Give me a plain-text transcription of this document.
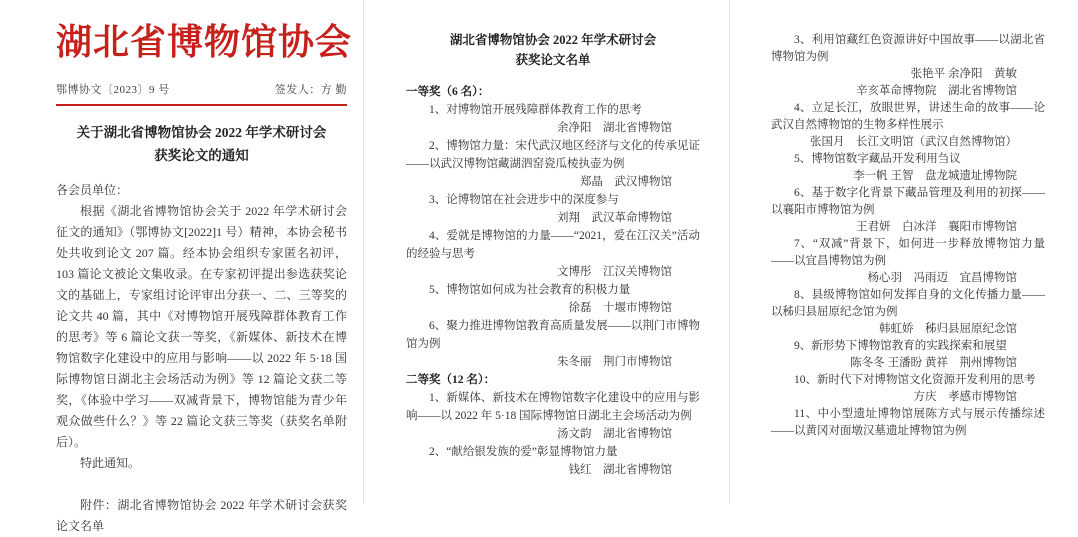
湖北省博物馆协会
鄂博协文〔2023〕9 号	签发人：方 勤
关于湖北省博物馆协会 2022 年学术研讨会
获奖论文的通知

各会员单位：

根据《湖北省博物馆协会关于 2022 年学术研讨会征文的通知》（鄂博协文[2022]1 号）精神，本协会秘书处共收到论文 207 篇。经本协会组织专家匿名初评，103 篇论文被论文集收录。在专家初评提出参选获奖论文的基础上，专家组讨论评审出分获一、二、三等奖的论文共 40 篇，其中《对博物馆开展残障群体教育工作的思考》等 6 篇论文获一等奖，《新媒体、新技术在博物馆数字化建设中的应用与影响——以 2022 年 5·18 国际博物馆日湖北主会场活动为例》等 12 篇论文获二等奖，《体验中学习——双减背景下，博物馆能为青少年观众做些什么？》等 22 篇论文获三等奖（获奖名单附后）。

特此通知。

附件：湖北省博物馆协会 2022 年学术研讨会获奖论文名单

湖北省博物馆协会 2022 年学术研讨会
获奖论文名单
一等奖（6 名）：
1、对博物馆开展残障群体教育工作的思考
余净阳　湖北省博物馆
2、博物馆力量：宋代武汉地区经济与文化的传承见证——以武汉博物馆藏湖泗窑瓷瓜棱执壶为例
郑晶　武汉博物馆
3、论博物馆在社会进步中的深度参与
刘翔　武汉革命博物馆
4、爱就是博物馆的力量——“2021，爱在江汉关”活动的经验与思考
文博彤　江汉关博物馆
5、博物馆如何成为社会教育的积极力量
徐磊　十堰市博物馆
6、聚力推进博物馆教育高质量发展——以荆门市博物馆为例
朱冬丽　荆门市博物馆
二等奖（12 名）：
1、新媒体、新技术在博物馆数字化建设中的应用与影响——以 2022 年 5·18 国际博物馆日湖北主会场活动为例
汤文韵　湖北省博物馆
2、“献给银发族的爱”彰显博物馆力量
钱红　湖北省博物馆
3、利用馆藏红色资源讲好中国故事——以湖北省博物馆为例
张艳平 余净阳　黄敏
辛亥革命博物院　湖北省博物馆
4、立足长江，放眼世界，讲述生命的故事——论武汉自然博物馆的生物多样性展示
张国月　长江文明馆（武汉自然博物馆）
5、博物馆数字藏品开发利用刍议
李一帆 王智　盘龙城遗址博物院
6、基于数字化背景下藏品管理及利用的初探——以襄阳市博物馆为例
王君妍　白冰洋　襄阳市博物馆
7、“双减”背景下，如何进一步释放博物馆力量——以宜昌博物馆为例
杨心羽　冯雨迈　宜昌博物馆
8、县级博物馆如何发挥自身的文化传播力量——以秭归县屈原纪念馆为例
韩虹娇　秭归县屈原纪念馆
9、新形势下博物馆教育的实践探索和展望
陈冬冬 王潘盼 黄祥　荆州博物馆
10、新时代下对博物馆文化资源开发利用的思考
方庆　孝感市博物馆
11、中小型遗址博物馆展陈方式与展示传播综述——以黄冈对面墩汉墓遗址博物馆为例
